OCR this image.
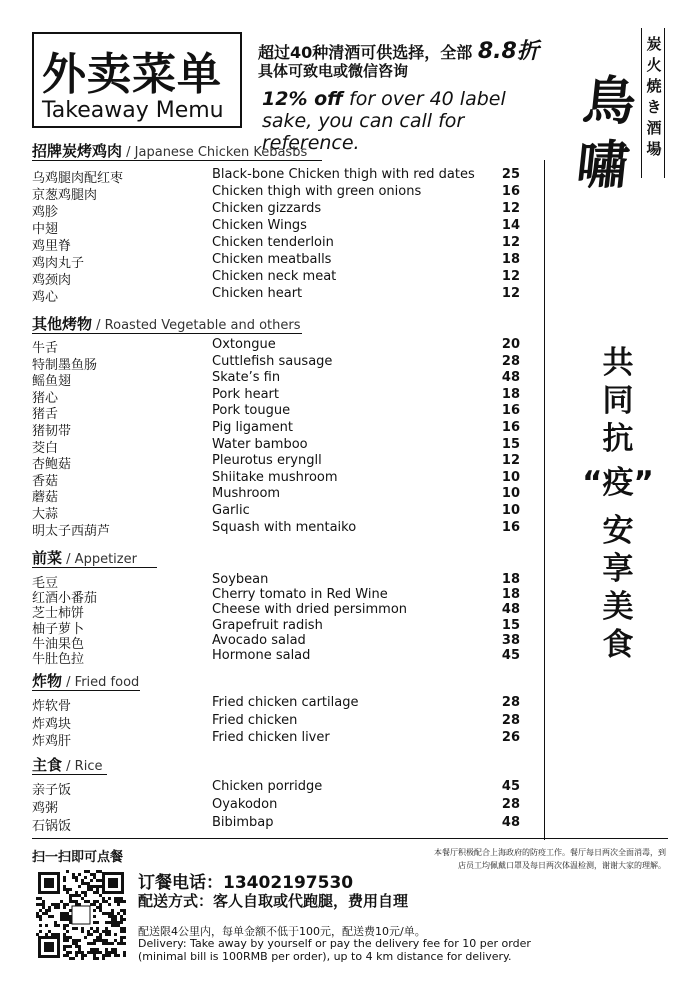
外卖菜单
Takeaway Memu
超过40种清酒可供选择，全部 8.8折
具体可致电或微信咨询
12% off for over 40 label sake, you can call for reference.
炭火焼き酒場
鳥嘯
共
同
抗
“疫”
安
享
美
食
招牌炭烤鸡肉 / Japanese Chicken Kebasbs
乌鸡腿肉配红枣	Black-bone Chicken thigh with red dates 25
京葱鸡腿肉	Chicken thigh with green onions	16
鸡胗	Chicken gizzards	12
中翅	Chicken Wings	14
鸡里脊	Chicken tenderloin	12
鸡肉丸子	Chicken meatballs	18
鸡颈肉	Chicken neck meat	12
鸡心	Chicken heart	12
其他烤物 / Roasted Vegetable and others
牛舌	Oxtongue	20
特制墨鱼肠	Cuttlefish sausage	28
鳐鱼翅	Skate’s fin	48
猪心	Pork heart	18
猪舌	Pork tougue	16
猪韧带	Pig ligament	16
茭白	Water bamboo	15
杏鲍菇	Pleurotus eryngll	12
香菇	Shiitake mushroom	10
蘑菇	Mushroom	10
大蒜	Garlic	10
明太子西葫芦	Squash with mentaiko	16
前菜 / Appetizer
毛豆	Soybean	18
红酒小番茄	Cherry tomato in Red Wine	18
芝士柿饼	Cheese with dried persimmon	48
柚子萝卜	Grapefruit radish	15
牛油果色	Avocado salad	38
牛肚色拉	Hormone salad	45
炸物 / Fried food
炸软骨	Fried chicken cartilage	28
炸鸡块	Fried chicken	28
炸鸡肝	Fried chicken liver	26
主食 / Rice
亲子饭	Chicken porridge	45
鸡粥	Oyakodon	28
石锅饭	Bibimbap	48
扫一扫即可点餐	本餐厅积极配合上海政府的防疫工作。餐厅每日两次全面消毒，到店员工均佩戴口罩及每日两次体温检测，谢谢大家的理解。
订餐电话：13402197530
配送方式：客人自取或代跑腿，费用自理
配送限4公里内，每单金额不低于100元，配送费10元/单。
Delivery: Take away by yourself or pay the delivery fee for 10 per order (minimal bill is 100RMB per order), up to 4 km distance for delivery.
